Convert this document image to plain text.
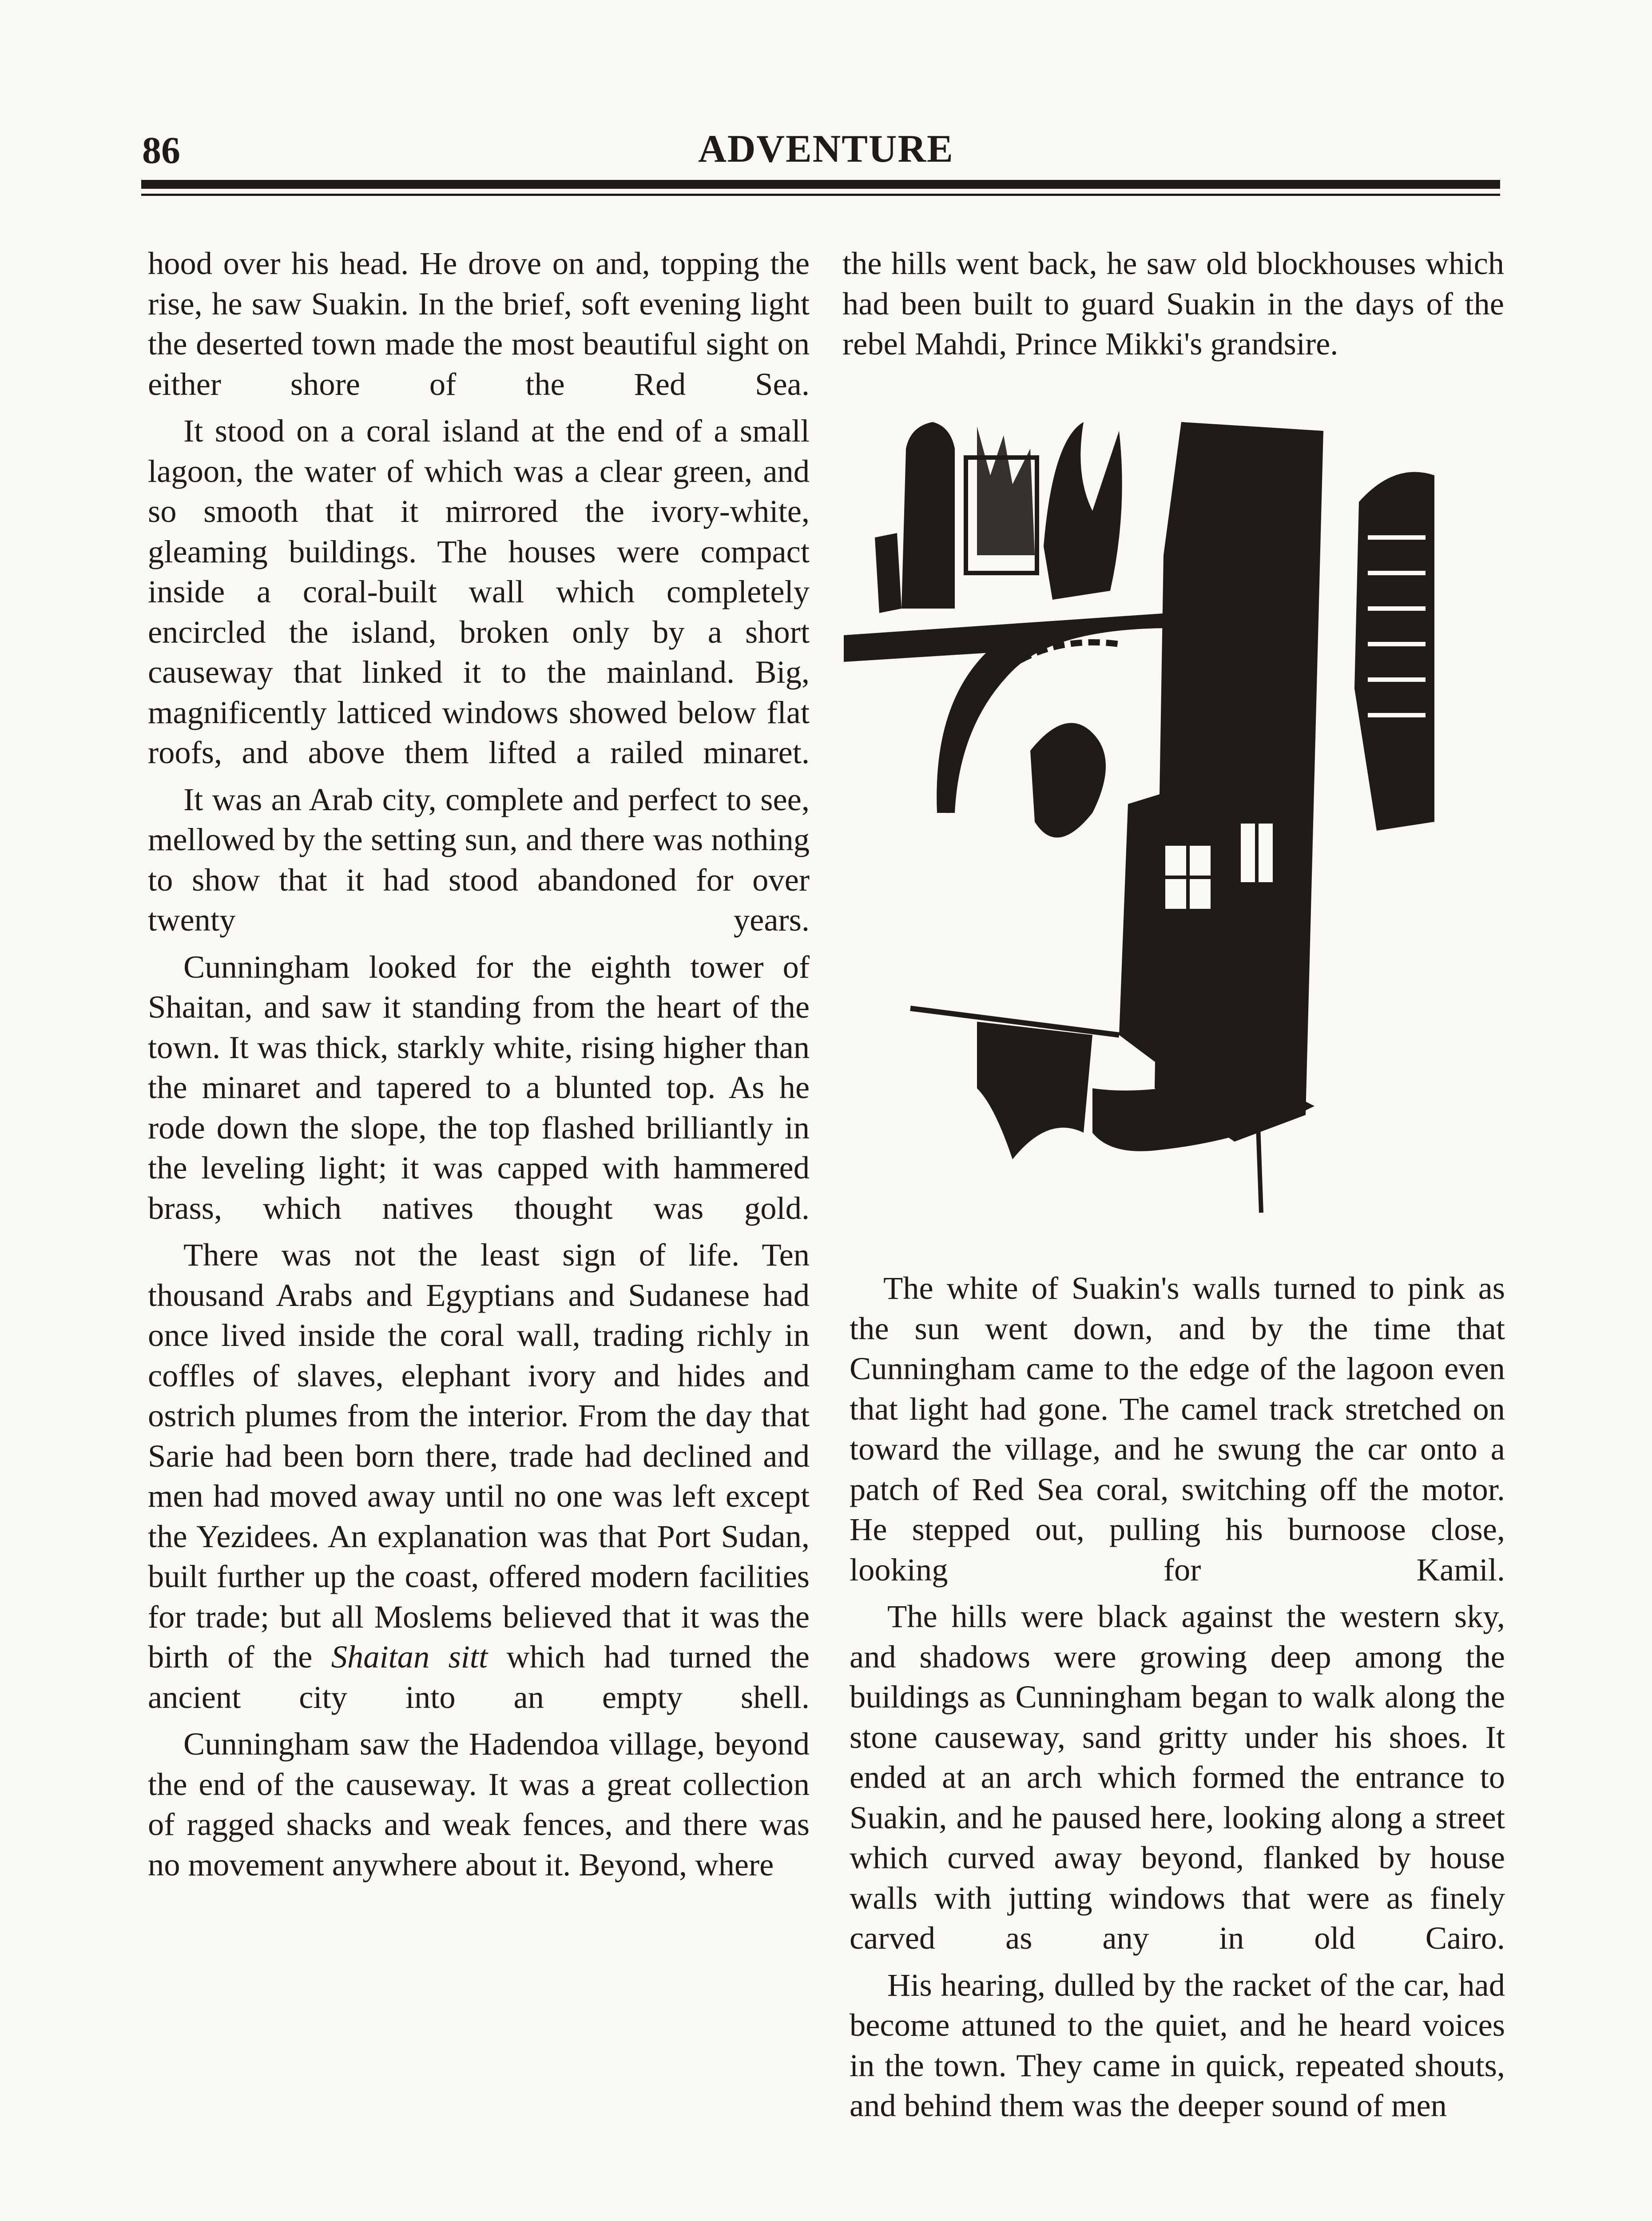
86	ADVENTURE

hood over his head. He drove on and, topping the rise, he saw Suakin. In the brief, soft evening light the deserted town made the most beautiful sight on either shore of the Red Sea.

It stood on a coral island at the end of a small lagoon, the water of which was a clear green, and so smooth that it mirrored the ivory-white, gleaming buildings. The houses were compact inside a coral-built wall which completely encircled the island, broken only by a short causeway that linked it to the mainland. Big, magnificently latticed windows showed below flat roofs, and above them lifted a railed minaret.

It was an Arab city, complete and perfect to see, mellowed by the setting sun, and there was nothing to show that it had stood abandoned for over twenty years.

Cunningham looked for the eighth tower of Shaitan, and saw it standing from the heart of the town. It was thick, starkly white, rising higher than the minaret and tapered to a blunted top. As he rode down the slope, the top flashed brilliantly in the leveling light; it was capped with hammered brass, which natives thought was gold.

There was not the least sign of life. Ten thousand Arabs and Egyptians and Sudanese had once lived inside the coral wall, trading richly in coffles of slaves, elephant ivory and hides and ostrich plumes from the interior. From the day that Sarie had been born there, trade had declined and men had moved away until no one was left except the Yezidees. An explanation was that Port Sudan, built further up the coast, offered modern facilities for trade; but all Moslems believed that it was the birth of the Shaitan sitt which had turned the ancient city into an empty shell.

Cunningham saw the Hadendoa village, beyond the end of the causeway. It was a great collection of ragged shacks and weak fences, and there was no movement anywhere about it. Beyond, where

the hills went back, he saw old blockhouses which had been built to guard Suakin in the days of the rebel Mahdi, Prince Mikki's grandsire.

The white of Suakin's walls turned to pink as the sun went down, and by the time that Cunningham came to the edge of the lagoon even that light had gone. The camel track stretched on toward the village, and he swung the car onto a patch of Red Sea coral, switching off the motor. He stepped out, pulling his burnoose close, looking for Kamil.

The hills were black against the western sky, and shadows were growing deep among the buildings as Cunningham began to walk along the stone causeway, sand gritty under his shoes. It ended at an arch which formed the entrance to Suakin, and he paused here, looking along a street which curved away beyond, flanked by house walls with jutting windows that were as finely carved as any in old Cairo.

His hearing, dulled by the racket of the car, had become attuned to the quiet, and he heard voices in the town. They came in quick, repeated shouts, and behind them was the deeper sound of men
